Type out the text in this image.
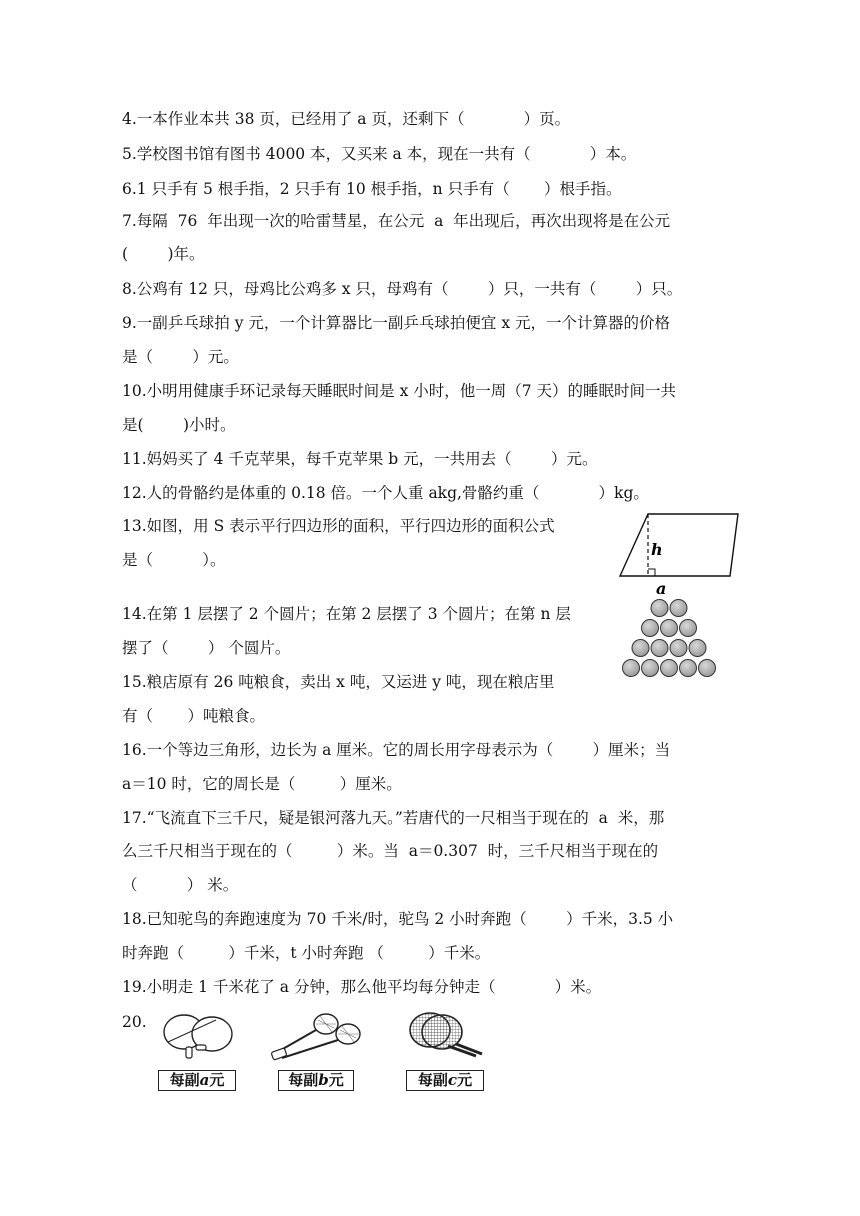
4.一本作业本共 38 页，已经用了 a 页，还剩下（            ）页。
5.学校图书馆有图书 4000 本，又买来 a 本，现在一共有（            ）本。
6.1 只手有 5 根手指，2 只手有 10 根手指，n 只手有（       ）根手指。
7.每隔  76  年出现一次的哈雷彗星，在公元  a  年出现后，再次出现将是在公元
(        )年。
8.公鸡有 12 只，母鸡比公鸡多 x 只，母鸡有（        ）只，一共有（        ）只。
9.一副乒乓球拍 y 元，一个计算器比一副乒乓球拍便宜 x 元，一个计算器的价格
是（        ）元。
10.小明用健康手环记录每天睡眠时间是 x 小时，他一周（7 天）的睡眠时间一共
是(        )小时。
11.妈妈买了 4 千克苹果，每千克苹果 b 元，一共用去（        ）元。
12.人的骨骼约是体重的 0.18 倍。一个人重 akg,骨骼约重（            ）kg。
13.如图，用 S 表示平行四边形的面积，平行四边形的面积公式
是（          ）。
14.在第 1 层摆了 2 个圆片；在第 2 层摆了 3 个圆片；在第 n 层
摆了（        ） 个圆片。
15.粮店原有 26 吨粮食，卖出 x 吨，又运进 y 吨，现在粮店里
有（       ）吨粮食。
16.一个等边三角形，边长为 a 厘米。它的周长用字母表示为（        ）厘米；当
a＝10 时，它的周长是（         ）厘米。
17.“飞流直下三千尺，疑是银河落九天。”若唐代的一尺相当于现在的  a  米，那
么三千尺相当于现在的（         ）米。当  a＝0.307  时，三千尺相当于现在的
（          ） 米。
18.已知驼鸟的奔跑速度为 70 千米/时，驼鸟 2 小时奔跑（        ）千米，3.5 小
时奔跑（         ）千米，t 小时奔跑 （         ）千米。
19.小明走 1 千米花了 a 分钟，那么他平均每分钟走（            ）米。
20.
h
a
每副a元	每副b元	每副c元
